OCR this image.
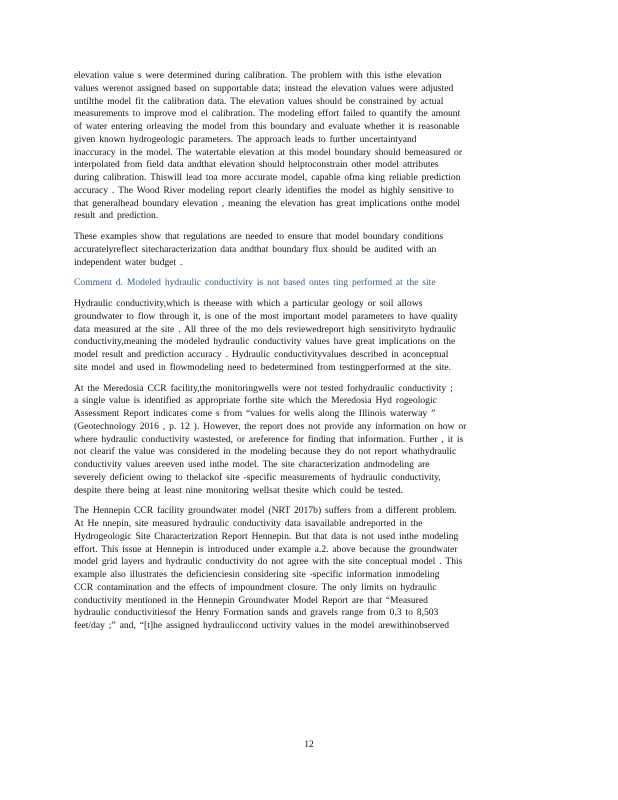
elevation value s were determined during calibration. The problem with this isthe elevation
values werenot assigned based on supportable data; instead the elevation values were adjusted
untilthe model fit the calibration data. The elevation values should be constrained by actual
measurements to improve mod el calibration. The modeling effort failed to quantify the amount
of water entering orleaving the model from this boundary and evaluate whether it is reasonable
given known hydrogeologic parameters. The approach leads to further uncertaintyand
inaccuracy in the model. The watertable elevation at this model boundary should bemeasured or
interpolated from field data andthat elevation should helptoconstrain other model attributes
during calibration. Thiswill lead toa more accurate model, capable ofma king reliable prediction
accuracy . The Wood River modeling report clearly identifies the model as highly sensitive to
that generalhead boundary elevation , meaning the elevation has great implications onthe model
result and prediction.
These examples show that regulations are needed to ensure that model boundary conditions
accuratelyreflect sitecharacterization data andthat boundary flux should be audited with an
independent water budget .
Comment d. Modeled hydraulic conductivity is not based ontes ting performed at the site
Hydraulic conductivity,which is theease with which a particular geology or soil allows
groundwater to flow through it, is one of the most important model parameters to have quality
data measured at the site . All three of the mo dels reviewedreport high sensitivityto hydraulic
conductivity,meaning the modeled hydraulic conductivity values have great implications on the
model result and prediction accuracy . Hydraulic conductivityvalues described in aconceptual
site model and used in flowmodeling need to bedetermined from testingperformed at the site.
At the Meredosia CCR facility,the monitoringwells were not tested forhydraulic conductivity ;
a single value is identified as appropriate forthe site which the Meredosia Hyd rogeologic
Assessment Report indicates come s from “values for wells along the Illinois waterway ”
(Geotechnology 2016 , p. 12 ). However, the report does not provide any information on how or
where hydraulic conductivity wastested, or areference for finding that information. Further , it is
not clearif the value was considered in the modeling because they do not report whathydraulic
conductivity values areeven used inthe model. The site characterization andmodeling are
severely deficient owing to thelackof site -specific measurements of hydraulic conductivity,
despite there being at least nine monitoring wellsat thesite which could be tested.
The Hennepin CCR facility groundwater model (NRT 2017b) suffers from a different problem.
At He nnepin, site measured hydraulic conductivity data isavailable andreported in the
Hydrogeologic Site Characterization Report Hennepin. But that data is not used inthe modeling
effort. This issue at Hennepin is introduced under example a.2. above because the groundwater
model grid layers and hydraulic conductivity do not agree with the site conceptual model . This
example also illustrates the deficienciesin considering site -specific information inmodeling
CCR contamination and the effects of impoundment closure. The only limits on hydraulic
conductivity mentioned in the Hennepin Groundwater Model Report are that “Measured
hydraulic conductivitiesof the Henry Formation sands and gravels range from 0.3 to 8,503
feet/day ;” and, “[t]he assigned hydrauliccond uctivity values in the model arewithinobserved
12
